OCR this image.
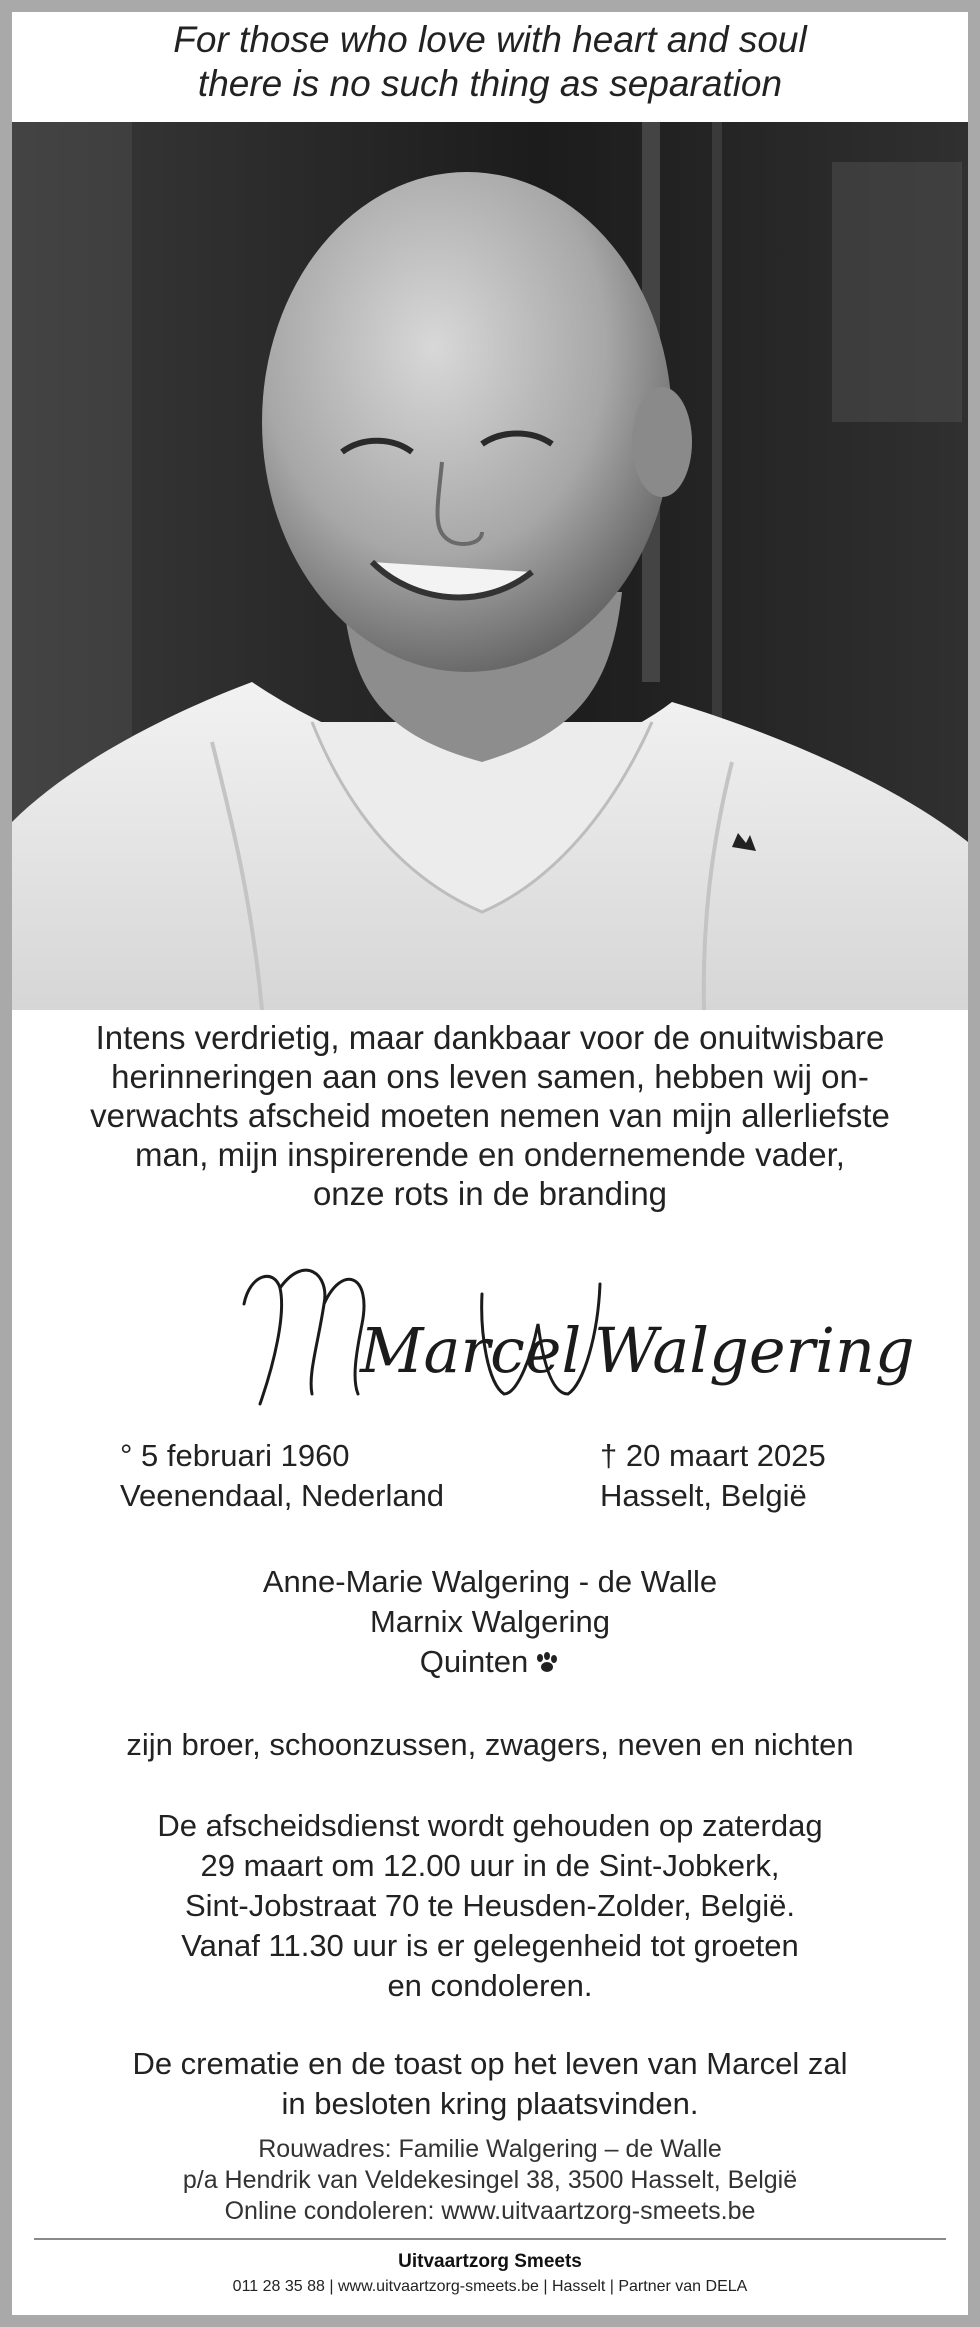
For those who love with heart and soul
there is no such thing as separation
Intens verdrietig, maar dankbaar voor de onuitwisbare
herinneringen aan ons leven samen, hebben wij on-
verwachts afscheid moeten nemen van mijn allerliefste
man, mijn inspirerende en ondernemende vader,
onze rots in de branding
Marcel Walgering
° 5 februari 1960
Veenendaal, Nederland
† 20 maart 2025
Hasselt, België
Anne-Marie Walgering - de Walle
Marnix Walgering
Quinten
zijn broer, schoonzussen, zwagers, neven en nichten
De afscheidsdienst wordt gehouden op zaterdag
29 maart om 12.00 uur in de Sint-Jobkerk,
Sint-Jobstraat 70 te Heusden-Zolder, België.
Vanaf 11.30 uur is er gelegenheid tot groeten
en condoleren.
De crematie en de toast op het leven van Marcel zal
in besloten kring plaatsvinden.
Rouwadres: Familie Walgering – de Walle
p/a Hendrik van Veldekesingel 38, 3500 Hasselt, België
Online condoleren: www.uitvaartzorg-smeets.be
Uitvaartzorg Smeets
011 28 35 88 | www.uitvaartzorg-smeets.be | Hasselt | Partner van DELA
